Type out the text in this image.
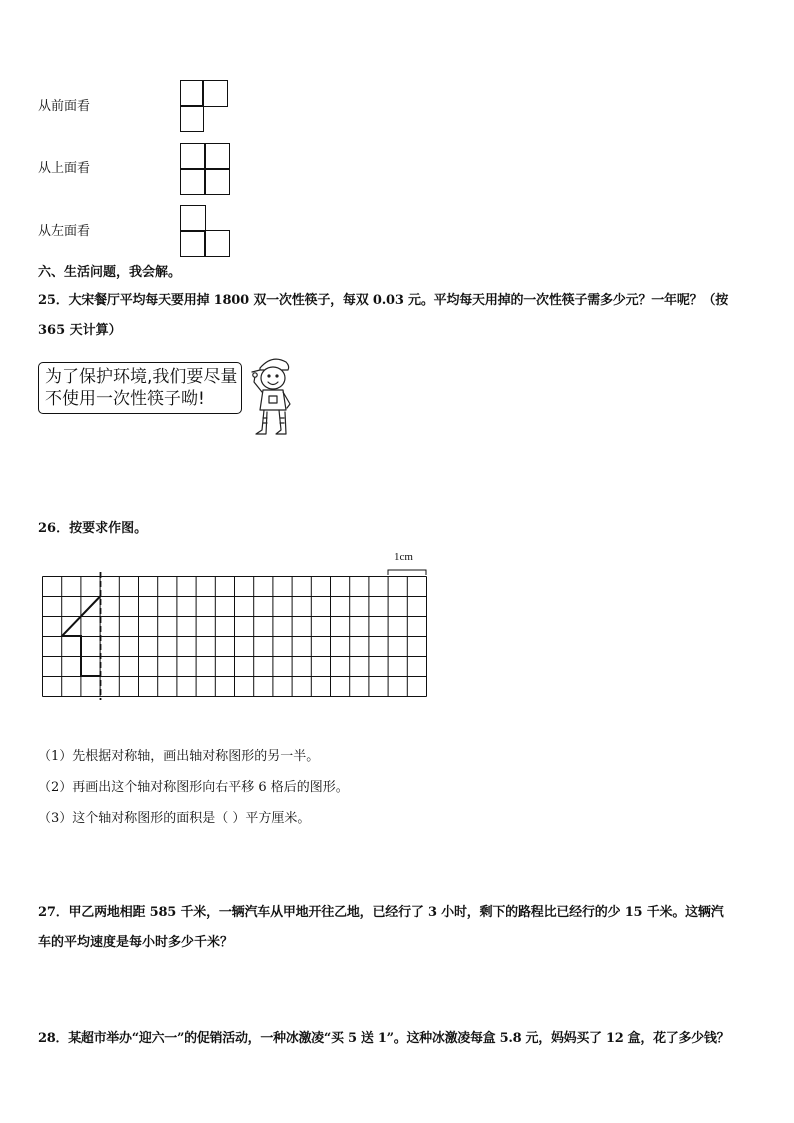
从前面看
从上面看
从左面看
六、生活问题，我会解。
25．大宋餐厅平均每天要用掉 1800 双一次性筷子，每双 0.03 元。平均每天用掉的一次性筷子需多少元？一年呢？（按
365 天计算）
为了保护环境,我们要尽量
不使用一次性筷子呦!
26．按要求作图。
1cm
（1）先根据对称轴，画出轴对称图形的另一半。
（2）再画出这个轴对称图形向右平移 6 格后的图形。
（3）这个轴对称图形的面积是（ ）平方厘米。
27．甲乙两地相距 585 千米，一辆汽车从甲地开往乙地，已经行了 3 小时，剩下的路程比已经行的少 15 千米。这辆汽
车的平均速度是每小时多少千米？
28．某超市举办“迎六一”的促销活动，一种冰激凌“买 5 送 1”。这种冰激凌每盒 5.8 元，妈妈买了 12 盒，花了多少钱？
